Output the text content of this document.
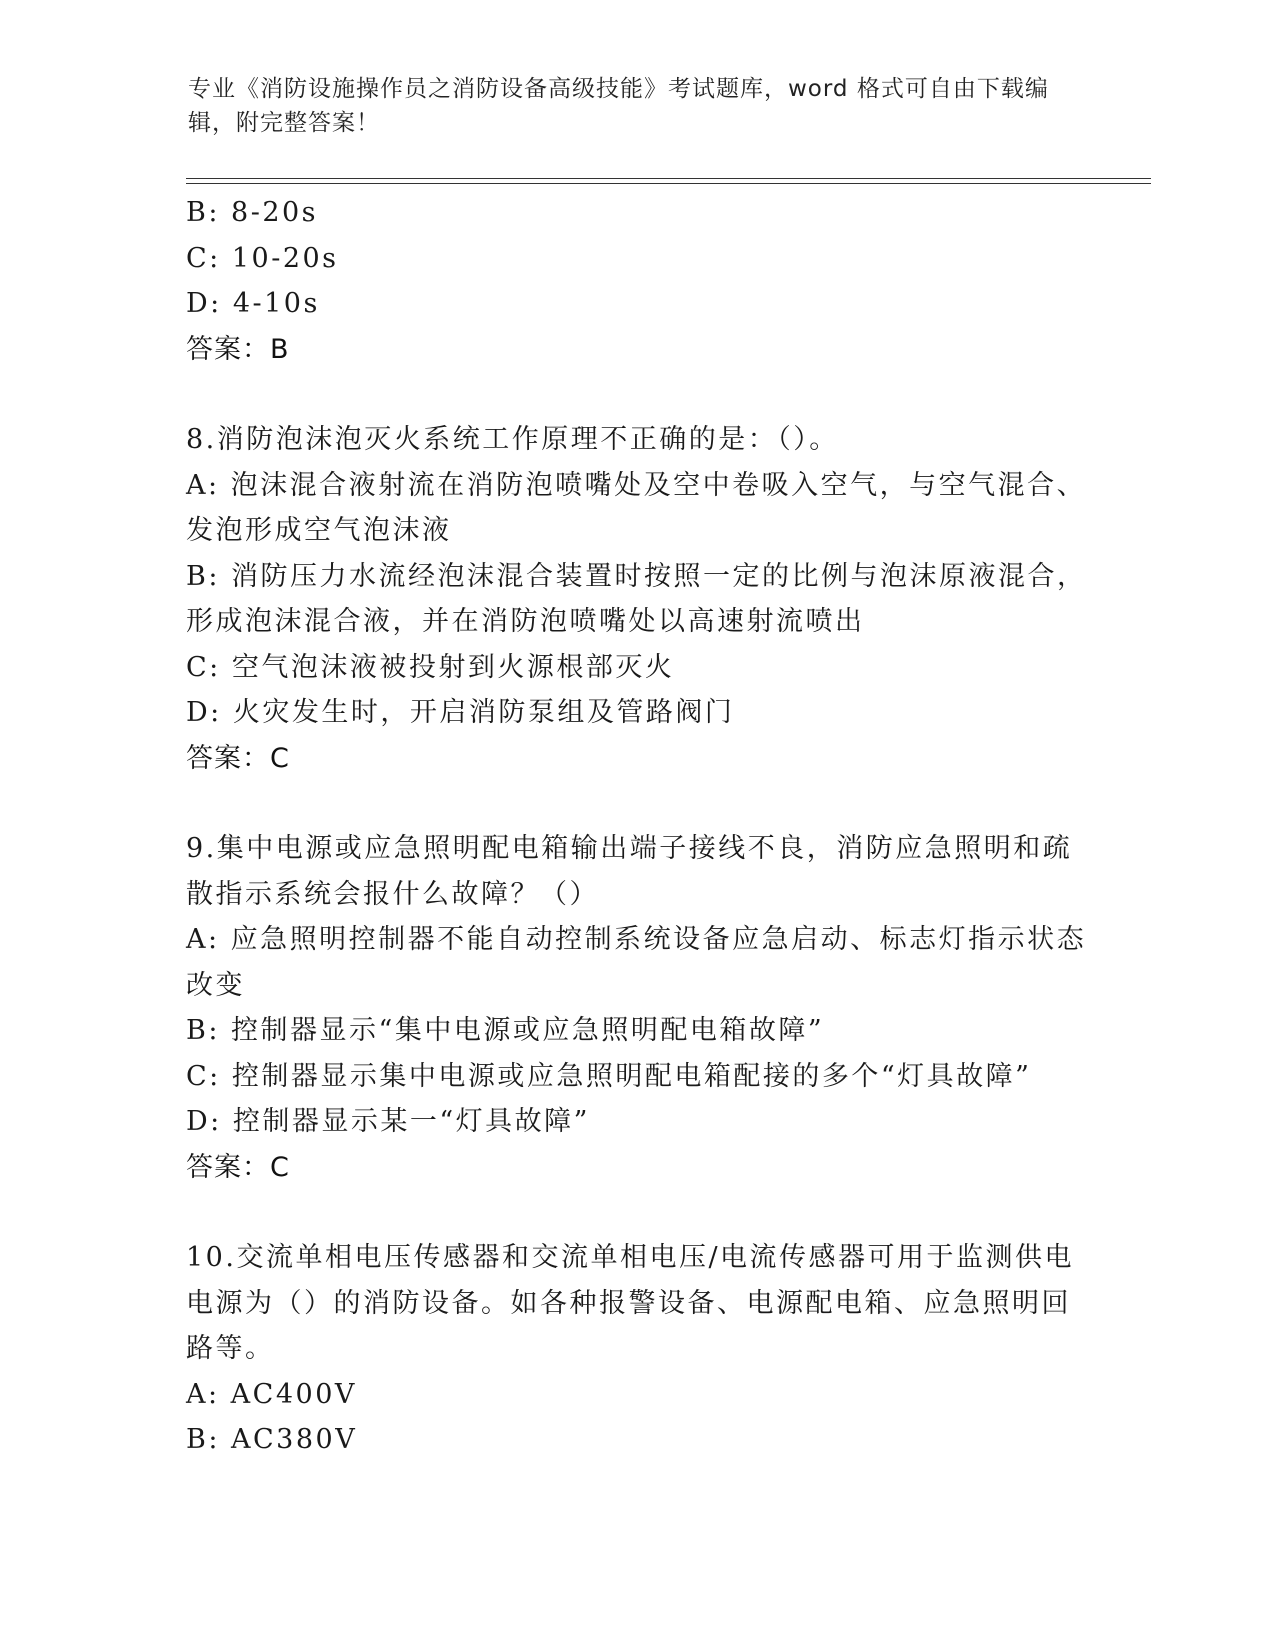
专业《消防设施操作员之消防设备高级技能》考试题库，word 格式可自由下载编辑，附完整答案！
B: 8-20s
C: 10-20s
D: 4-10s
答案：B
8.消防泡沫泡灭火系统工作原理不正确的是：（）。
A: 泡沫混合液射流在消防泡喷嘴处及空中卷吸入空气，与空气混合、
发泡形成空气泡沫液
B: 消防压力水流经泡沫混合装置时按照一定的比例与泡沫原液混合，
形成泡沫混合液，并在消防泡喷嘴处以高速射流喷出
C: 空气泡沫液被投射到火源根部灭火
D: 火灾发生时，开启消防泵组及管路阀门
答案：C
9.集中电源或应急照明配电箱输出端子接线不良，消防应急照明和疏
散指示系统会报什么故障？（）
A: 应急照明控制器不能自动控制系统设备应急启动、标志灯指示状态
改变
B: 控制器显示“集中电源或应急照明配电箱故障”
C: 控制器显示集中电源或应急照明配电箱配接的多个“灯具故障”
D: 控制器显示某一“灯具故障”
答案：C
10.交流单相电压传感器和交流单相电压/电流传感器可用于监测供电
电源为（）的消防设备。如各种报警设备、电源配电箱、应急照明回
路等。
A: AC400V
B: AC380V
